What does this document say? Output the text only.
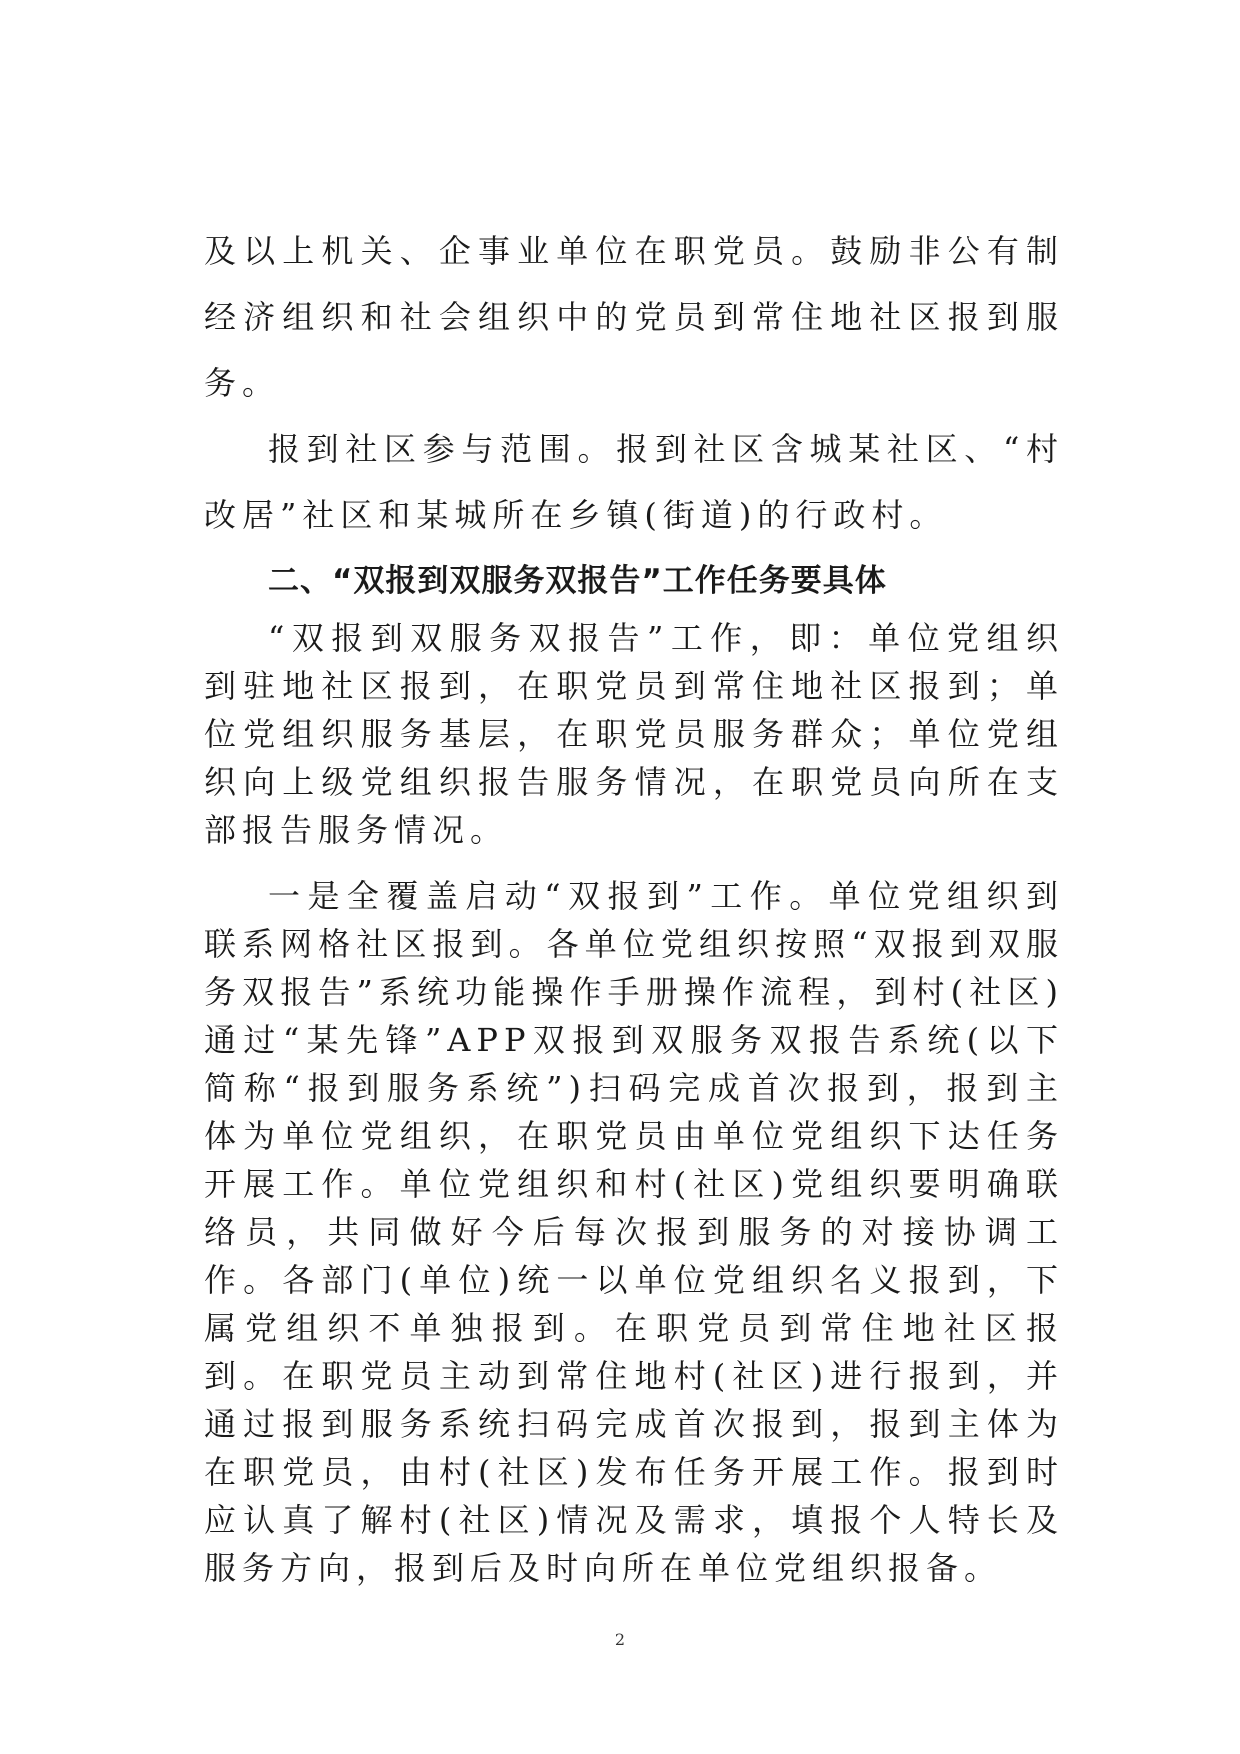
及以上机关、企事业单位在职党员。鼓励非公有制经济组织和社会组织中的党员到常住地社区报到服务。

报到社区参与范围。报到社区含城某社区、“村改居”社区和某城所在乡镇(街道)的行政村。

二、“双报到双服务双报告”工作任务要具体

“双报到双服务双报告”工作，即：单位党组织到驻地社区报到，在职党员到常住地社区报到；单位党组织服务基层，在职党员服务群众；单位党组织向上级党组织报告服务情况，在职党员向所在支部报告服务情况。

一是全覆盖启动“双报到”工作。单位党组织到联系网格社区报到。各单位党组织按照“双报到双服务双报告”系统功能操作手册操作流程，到村(社区)通过“某先锋”APP双报到双服务双报告系统(以下简称“报到服务系统”)扫码完成首次报到，报到主体为单位党组织，在职党员由单位党组织下达任务开展工作。单位党组织和村(社区)党组织要明确联络员，共同做好今后每次报到服务的对接协调工作。各部门(单位)统一以单位党组织名义报到，下属党组织不单独报到。在职党员到常住地社区报到。在职党员主动到常住地村(社区)进行报到，并通过报到服务系统扫码完成首次报到，报到主体为在职党员，由村(社区)发布任务开展工作。报到时应认真了解村(社区)情况及需求，填报个人特长及服务方向，报到后及时向所在单位党组织报备。

2
